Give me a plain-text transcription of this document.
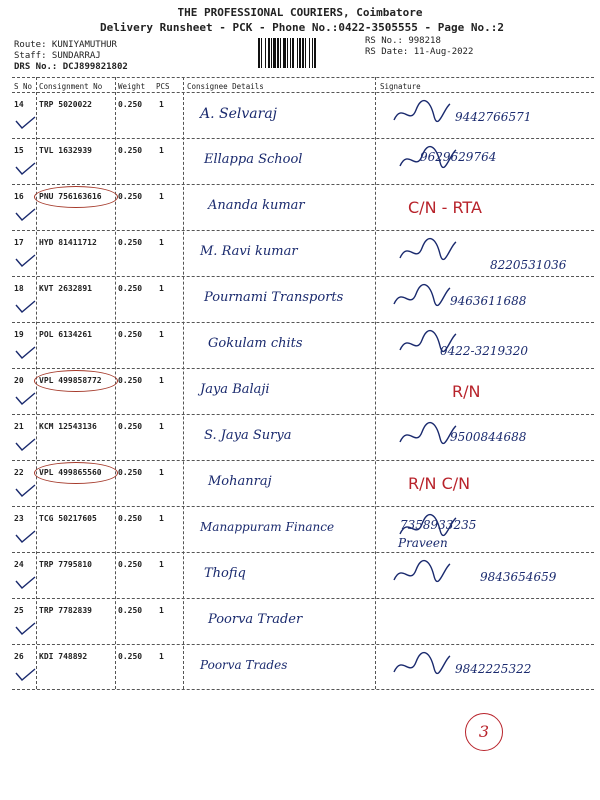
THE PROFESSIONAL COURIERS, Coimbatore
Delivery Runsheet - PCK - Phone No.:0422-3505555 - Page No.:2
Route: KUNIYAMUTHUR
Staff: SUNDARRAJ
DRS No.: DCJ899821802
RS No.: 998218
RS Date: 11-Aug-2022
S No Consignment No Weight PCS Consignee Details	Signature
14 TRP 5020022	0.250 1
A. Selvaraj	9442766571
15 TVL 1632939	0.250 1
Ellappa School	9629629764
16 PNU 756163616 0.250 1
Ananda kumar	C/N - RTA
17 HYD 81411712	0.250 1
M. Ravi kumar
8220531036
18 KVT 2632891	0.250 1
Pournami Transports	9463611688
19 POL 6134261	0.250 1
Gokulam chits	0422-3219320
20 VPL 499858772 0.250 1
Jaya Balaji	R/N
21 KCM 12543136	0.250 1
S. Jaya Surya	9500844688
22 VPL 499865560 0.250 1
Mohanraj	R/N C/N
23 TCG 50217605	0.250 1
Manappuram Finance	7358933235
Praveen
24 TRP 7795810	0.250 1
Thofiq	9843654659
25 TRP 7782839	0.250 1
Poorva Trader
26 KDI 748892	0.250 1
Poorva Trades	9842225322
3
